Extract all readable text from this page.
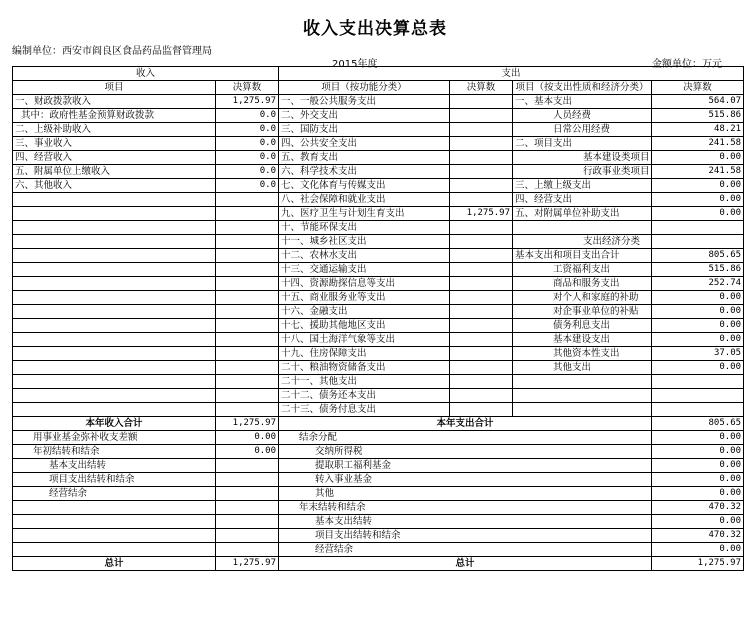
收入支出决算总表
编制单位：西安市阎良区食品药品监督管理局
2015年度	金额单位：万元
收入		支出			
项目	决算数	项目（按功能分类）	决算数	项目（按支出性质和经济分类）	决算数
一、财政拨款收入	1,275.97	一、一般公共服务支出		一、基本支出	564.07
其中：政府性基金预算财政拨款	0.0	二、外交支出		人员经费	515.86
二、上级补助收入	0.0	三、国防支出		日常公用经费	48.21
三、事业收入	0.0	四、公共安全支出		二、项目支出	241.58
四、经营收入	0.0	五、教育支出		基本建设类项目	0.00
五、附属单位上缴收入	0.0	六、科学技术支出		行政事业类项目	241.58
六、其他收入	0.0	七、文化体育与传媒支出		三、上缴上级支出	0.00
		八、社会保障和就业支出		四、经营支出	0.00
		九、医疗卫生与计划生育支出	1,275.97	五、对附属单位补助支出	0.00
		十、节能环保支出			
		十一、城乡社区支出		支出经济分类	
		十二、农林水支出		基本支出和项目支出合计	805.65
		十三、交通运输支出		工资福利支出	515.86
		十四、资源勘探信息等支出		商品和服务支出	252.74
		十五、商业服务业等支出		对个人和家庭的补助	0.00
		十六、金融支出		对企事业单位的补贴	0.00
		十七、援助其他地区支出		债务利息支出	0.00
		十八、国土海洋气象等支出		基本建设支出	0.00
		十九、住房保障支出		其他资本性支出	37.05
		二十、粮油物资储备支出		其他支出	0.00
		二十一、其他支出			
		二十二、债务还本支出			
		二十三、债务付息支出			
本年收入合计	1,275.97	本年支出合计			805.65
用事业基金弥补收支差额	0.00	结余分配			0.00
年初结转和结余	0.00	交纳所得税			0.00
基本支出结转		提取职工福利基金			0.00
项目支出结转和结余		转入事业基金			0.00
经营结余		其他			0.00
		年末结转和结余			470.32
		基本支出结转			0.00
		项目支出结转和结余			470.32
		经营结余			0.00
总计	1,275.97	总计			1,275.97
